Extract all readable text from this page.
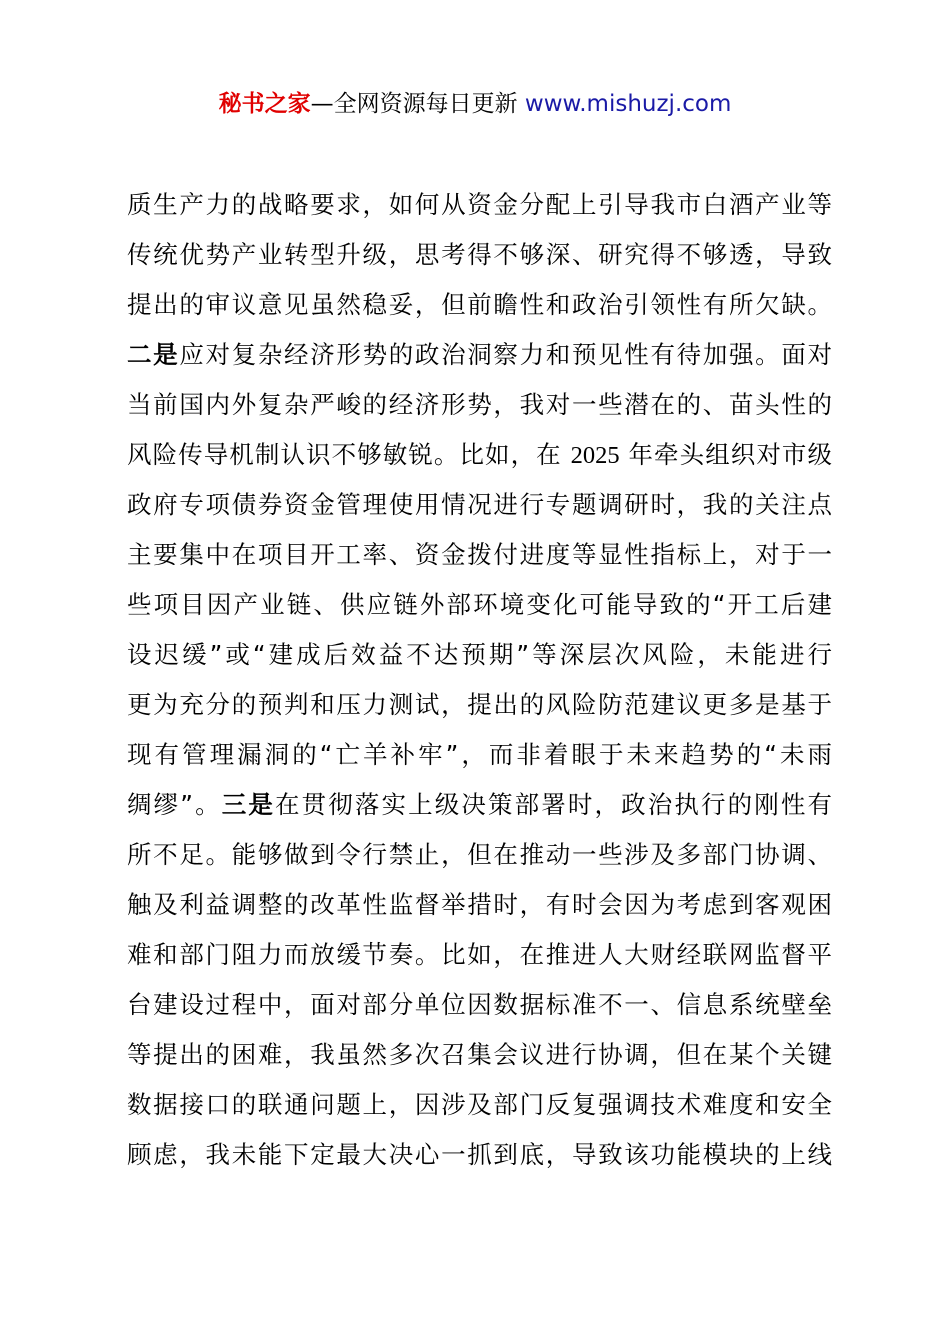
秘书之家—全网资源每日更新 www.mishuzj.com
质生产力的战略要求，如何从资金分配上引导我市白酒产业等
传统优势产业转型升级，思考得不够深、研究得不够透，导致
提出的审议意见虽然稳妥，但前瞻性和政治引领性有所欠缺。
二是应对复杂经济形势的政治洞察力和预见性有待加强。面对
当前国内外复杂严峻的经济形势，我对一些潜在的、苗头性的
风险传导机制认识不够敏锐。比如，在 2025 年牵头组织对市级
政府专项债券资金管理使用情况进行专题调研时，我的关注点
主要集中在项目开工率、资金拨付进度等显性指标上，对于一
些项目因产业链、供应链外部环境变化可能导致的“开工后建
设迟缓”或“建成后效益不达预期”等深层次风险，未能进行
更为充分的预判和压力测试，提出的风险防范建议更多是基于
现有管理漏洞的“亡羊补牢”，而非着眼于未来趋势的“未雨
绸缪”。三是在贯彻落实上级决策部署时，政治执行的刚性有
所不足。能够做到令行禁止，但在推动一些涉及多部门协调、
触及利益调整的改革性监督举措时，有时会因为考虑到客观困
难和部门阻力而放缓节奏。比如，在推进人大财经联网监督平
台建设过程中，面对部分单位因数据标准不一、信息系统壁垒
等提出的困难，我虽然多次召集会议进行协调，但在某个关键
数据接口的联通问题上，因涉及部门反复强调技术难度和安全
顾虑，我未能下定最大决心一抓到底，导致该功能模块的上线
